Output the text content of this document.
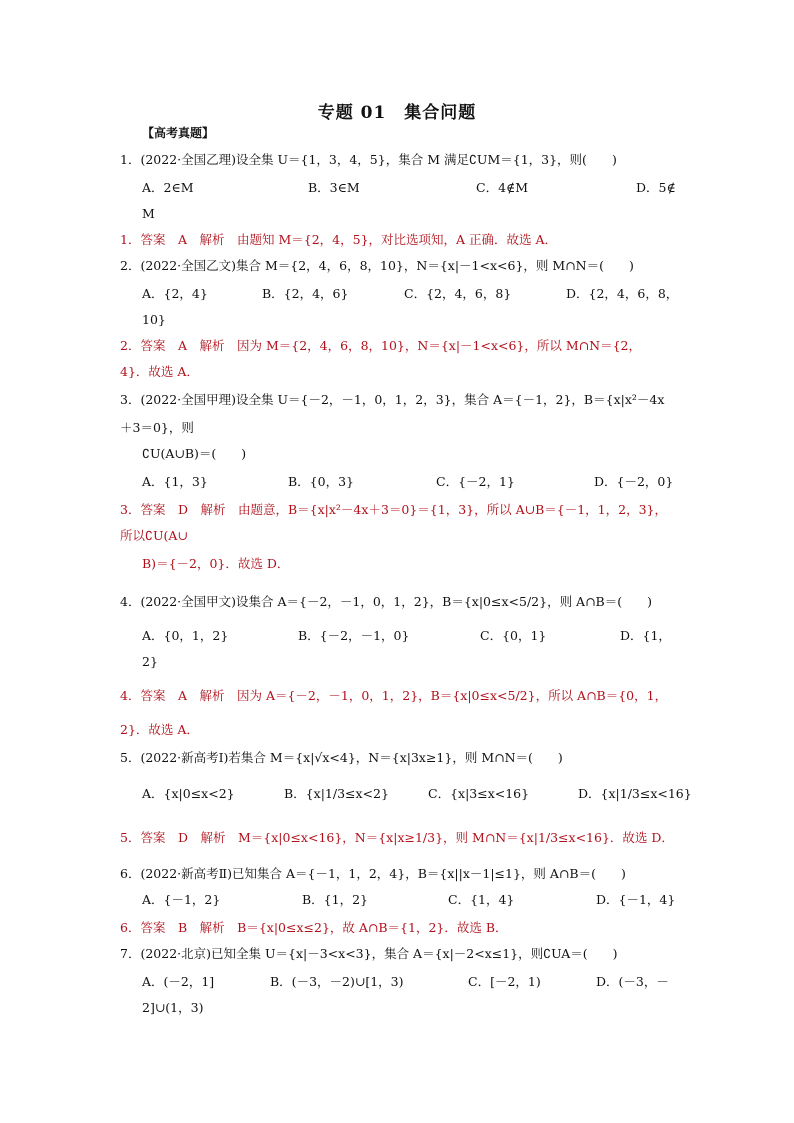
专题 01　集合问题
【高考真题】
1．(2022·全国乙理)设全集 U＝{1，3，4，5}，集合 M 满足∁UM＝{1，3}，则(　　)
A．2∈M	B．3∈M	C．4∉M	D．5∉
M
1．答案　A　解析　由题知 M＝{2，4，5}，对比选项知，A 正确．故选 A．
2．(2022·全国乙文)集合 M＝{2，4，6，8，10}，N＝{x|－1<x<6}，则 M∩N＝(　　)
A．{2，4}	B．{2，4，6}	C．{2，4，6，8}	D．{2，4，6，8，
10}
2．答案　A　解析　因为 M＝{2，4，6，8，10}，N＝{x|－1<x<6}，所以 M∩N＝{2，
4}．故选 A．
3．(2022·全国甲理)设全集 U＝{－2，－1，0，1，2，3}，集合 A＝{－1，2}，B＝{x|x²－4x
＋3＝0}，则
∁U(A∪B)＝(　　)
A．{1，3}	B．{0，3}	C．{－2，1}	D．{－2，0}
3．答案　D　解析　由题意，B＝{x|x²－4x＋3＝0}＝{1，3}，所以 A∪B＝{－1，1，2，3}，
所以∁U(A∪
B)＝{－2，0}．故选 D．
4．(2022·全国甲文)设集合 A＝{－2，－1，0，1，2}，B＝{x|0≤x<5/2}，则 A∩B＝(　　)
A．{0，1，2}	B．{－2，－1，0}	C．{0，1}	D．{1，
2}
4．答案　A　解析　因为 A＝{－2，－1，0，1，2}，B＝{x|0≤x<5/2}，所以 A∩B＝{0，1，
2}．故选 A．
5．(2022·新高考Ⅰ)若集合 M＝{x|√x<4}，N＝{x|3x≥1}，则 M∩N＝(　　)
A．{x|0≤x<2}	B．{x|1/3≤x<2}	C．{x|3≤x<16}	D．{x|1/3≤x<16}
5．答案　D　解析　M＝{x|0≤x<16}，N＝{x|x≥1/3}，则 M∩N＝{x|1/3≤x<16}．故选 D．
6．(2022·新高考Ⅱ)已知集合 A＝{－1，1，2，4}，B＝{x||x－1|≤1}，则 A∩B＝(　　)
A．{－1，2}	B．{1，2}	C．{1，4}	D．{－1，4}
6．答案　B　解析　B＝{x|0≤x≤2}，故 A∩B＝{1，2}．故选 B．
7．(2022·北京)已知全集 U＝{x|－3<x<3}，集合 A＝{x|－2<x≤1}，则∁UA＝(　　)
A．(－2，1]	B．(－3，－2)∪[1，3)	C．[－2，1)	D．(－3，－
2]∪(1，3)
